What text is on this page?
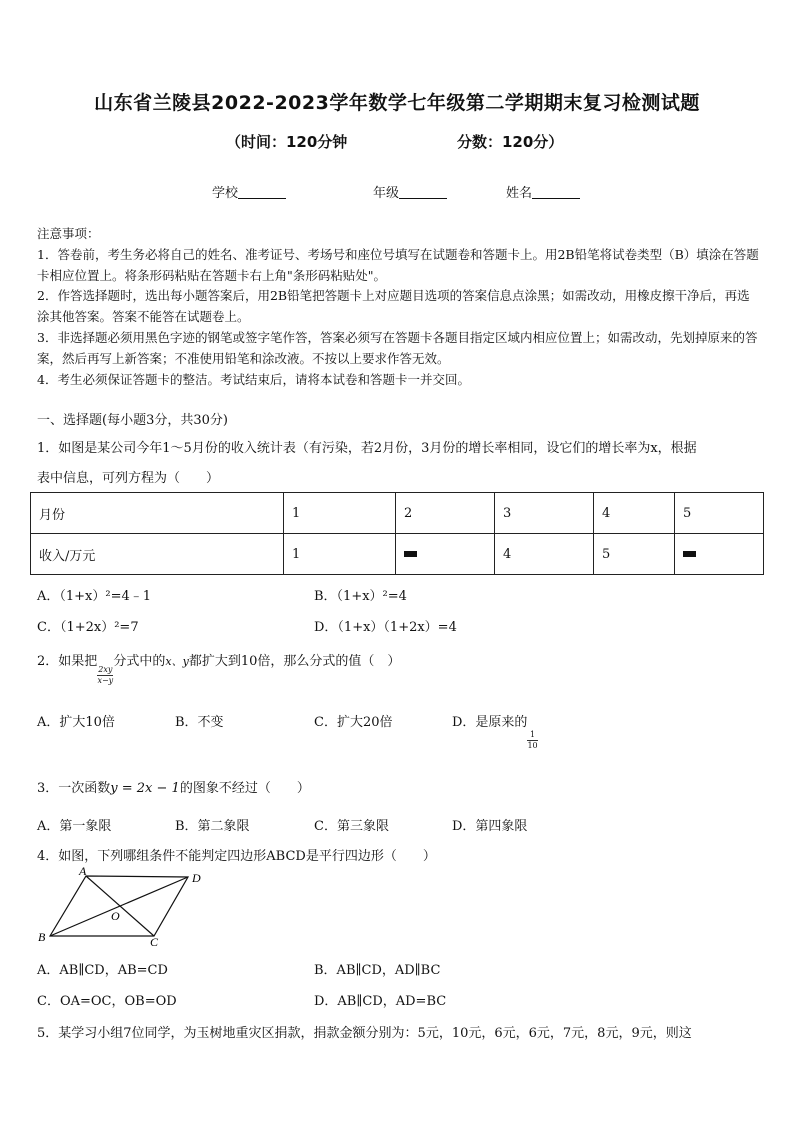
山东省兰陵县2022-2023学年数学七年级第二学期期末复习检测试题
（时间：120分钟	分数：120分）
学校	年级	姓名

注意事项：

1．答卷前，考生务必将自己的姓名、准考证号、考场号和座位号填写在试题卷和答题卡上。用2B铅笔将试卷类型（B）填涂在答题卡相应位置上。将条形码粘贴在答题卡右上角"条形码粘贴处"。

2．作答选择题时，选出每小题答案后，用2B铅笔把答题卡上对应题目选项的答案信息点涂黑；如需改动，用橡皮擦干净后，再选涂其他答案。答案不能答在试题卷上。

3．非选择题必须用黑色字迹的钢笔或签字笔作答，答案必须写在答题卡各题目指定区域内相应位置上；如需改动，先划掉原来的答案，然后再写上新答案；不准使用铅笔和涂改液。不按以上要求作答无效。

4．考生必须保证答题卡的整洁。考试结束后，请将本试卷和答题卡一并交回。

一、选择题(每小题3分，共30分)
1．如图是某公司今年1～5月份的收入统计表（有污染，若2月份，3月份的增长率相同，设它们的增长率为x，根据
表中信息，可列方程为（　　）
月份	1	2	3	4	5
收入/万元	1		4	5	
A．（1+x）²=4﹣1	B．（1+x）²=4
C．（1+2x）²=7	D．（1+x）（1+2x）=4
2．如果把
$\frac{2xy}{x-y}$
分式中的x、y都扩大到10倍，那么分式的值（　）
A．扩大10倍	B．不变	C．扩大20倍	D．是原来的
$\frac{1}{10}$
3．一次函数y = 2x − 1的图象不经过（　　）
A．第一象限	B．第二象限	C．第三象限	D．第四象限
4．如图，下列哪组条件不能判定四边形ABCD是平行四边形（　　）
A	D
B	C
O
A．AB∥CD，AB=CD	B．AB∥CD，AD∥BC
C．OA=OC，OB=OD	D．AB∥CD，AD=BC
5．某学习小组7位同学，为玉树地重灾区捐款，捐款金额分别为：5元，10元，6元，6元，7元，8元，9元，则这
